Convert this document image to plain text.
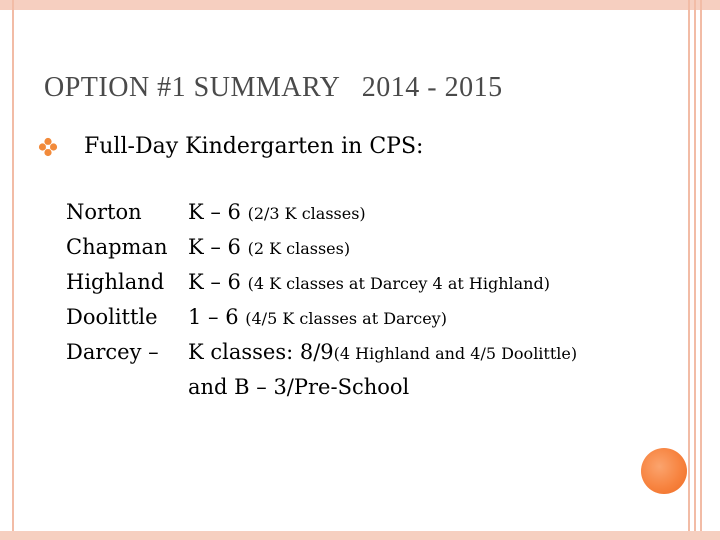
OPTION #1 SUMMARY   2014 - 2015
Full-Day Kindergarten in CPS:
Norton K – 6 (2/3 K classes)
Chapman K – 6 (2 K classes)
Highland K – 6 (4 K classes at Darcey 4 at Highland)
Doolittle 1 – 6 (4/5 K classes at Darcey)
Darcey – K classes: 8/9(4 Highland and 4/5 Doolittle)
and B – 3/Pre-School
